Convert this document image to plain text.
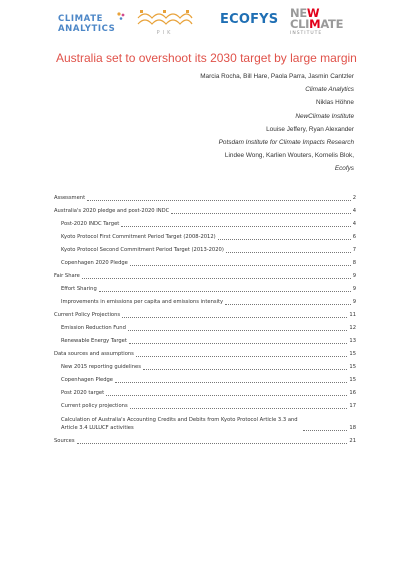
CLIMATE
ANALYTICS	PIK
ECOFYS NEW
CLIMATE
INSTITUTE
Australia set to overshoot its 2030 target by large margin
Marcia Rocha, Bill Hare, Paola Parra, Jasmin Cantzler
Climate Analytics
Niklas Höhne
NewClimate Institute
Louise Jeffery, Ryan Alexander
Potsdam Institute for Climate Impacts Research
Lindee Wong, Karlien Wouters, Kornelis Blok,
Ecofys
Assessment	2
Australia's 2020 pledge and post-2020 INDC	4
Post-2020 INDC Target	4
Kyoto Protocol First Commitment Period Target (2008-2012)	6
Kyoto Protocol Second Commitment Period Target (2013-2020)	7
Copenhagen 2020 Pledge	8
Fair Share	9
Effort Sharing	9
Improvements in emissions per capita and emissions intensity	9
Current Policy Projections	11
Emission Reduction Fund	12
Renewable Energy Target	13
Data sources and assumptions	15
New 2015 reporting guidelines	15
Copenhagen Pledge	15
Post 2020 target	16
Current policy projections	17
Calculation of Australia's Accounting Credits and Debits from Kyoto Protocol Article 3.3 and Article 3.4 LULUCF activities	18
Sources	21
